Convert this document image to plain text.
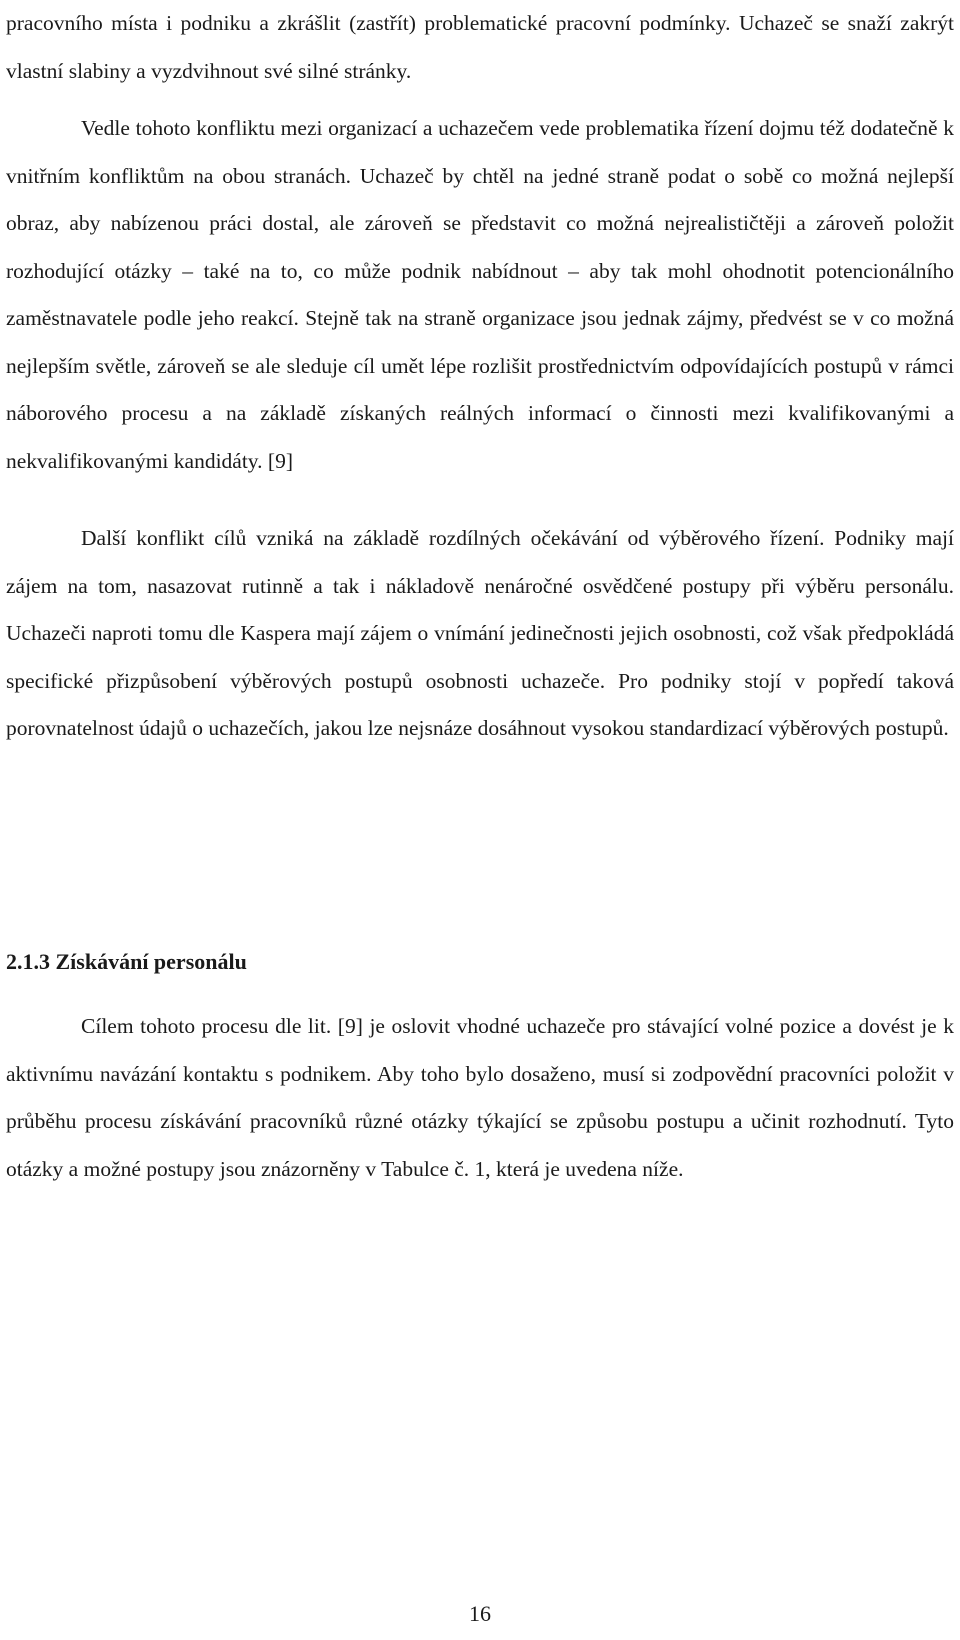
pracovního místa i podniku a zkrášlit (zastřít) problematické pracovní podmínky. Uchazeč se snaží zakrýt vlastní slabiny a vyzdvihnout své silné stránky.

Vedle tohoto konfliktu mezi organizací a uchazečem vede problematika řízení dojmu též dodatečně k vnitřním konfliktům na obou stranách. Uchazeč by chtěl na jedné straně podat o sobě co možná nejlepší obraz, aby nabízenou práci dostal, ale zároveň se představit co možná nejrealističtěji a zároveň položit rozhodující otázky – také na to, co může podnik nabídnout – aby tak mohl ohodnotit potencionálního zaměstnavatele podle jeho reakcí. Stejně tak na straně organizace jsou jednak zájmy, předvést se v co možná nejlepším světle, zároveň se ale sleduje cíl umět lépe rozlišit prostřednictvím odpovídajících postupů v rámci náborového procesu a na základě získaných reálných informací o činnosti mezi kvalifikovanými a nekvalifikovanými kandidáty. [9]

Další konflikt cílů vzniká na základě rozdílných očekávání od výběrového řízení. Podniky mají zájem na tom, nasazovat rutinně a tak i nákladově nenáročné osvědčené postupy při výběru personálu. Uchazeči naproti tomu dle Kaspera mají zájem o vnímání jedinečnosti jejich osobnosti, což však předpokládá specifické přizpůsobení výběrových postupů osobnosti uchazeče. Pro podniky stojí v popředí taková porovnatelnost údajů o uchazečích, jakou lze nejsnáze dosáhnout vysokou standardizací výběrových postupů.

2.1.3 Získávání personálu

Cílem tohoto procesu dle lit. [9] je oslovit vhodné uchazeče pro stávající volné pozice a dovést je k aktivnímu navázání kontaktu s podnikem. Aby toho bylo dosaženo, musí si zodpovědní pracovníci položit v průběhu procesu získávání pracovníků různé otázky týkající se způsobu postupu a učinit rozhodnutí. Tyto otázky a možné postupy jsou znázorněny v Tabulce č. 1, která je uvedena níže.

16
